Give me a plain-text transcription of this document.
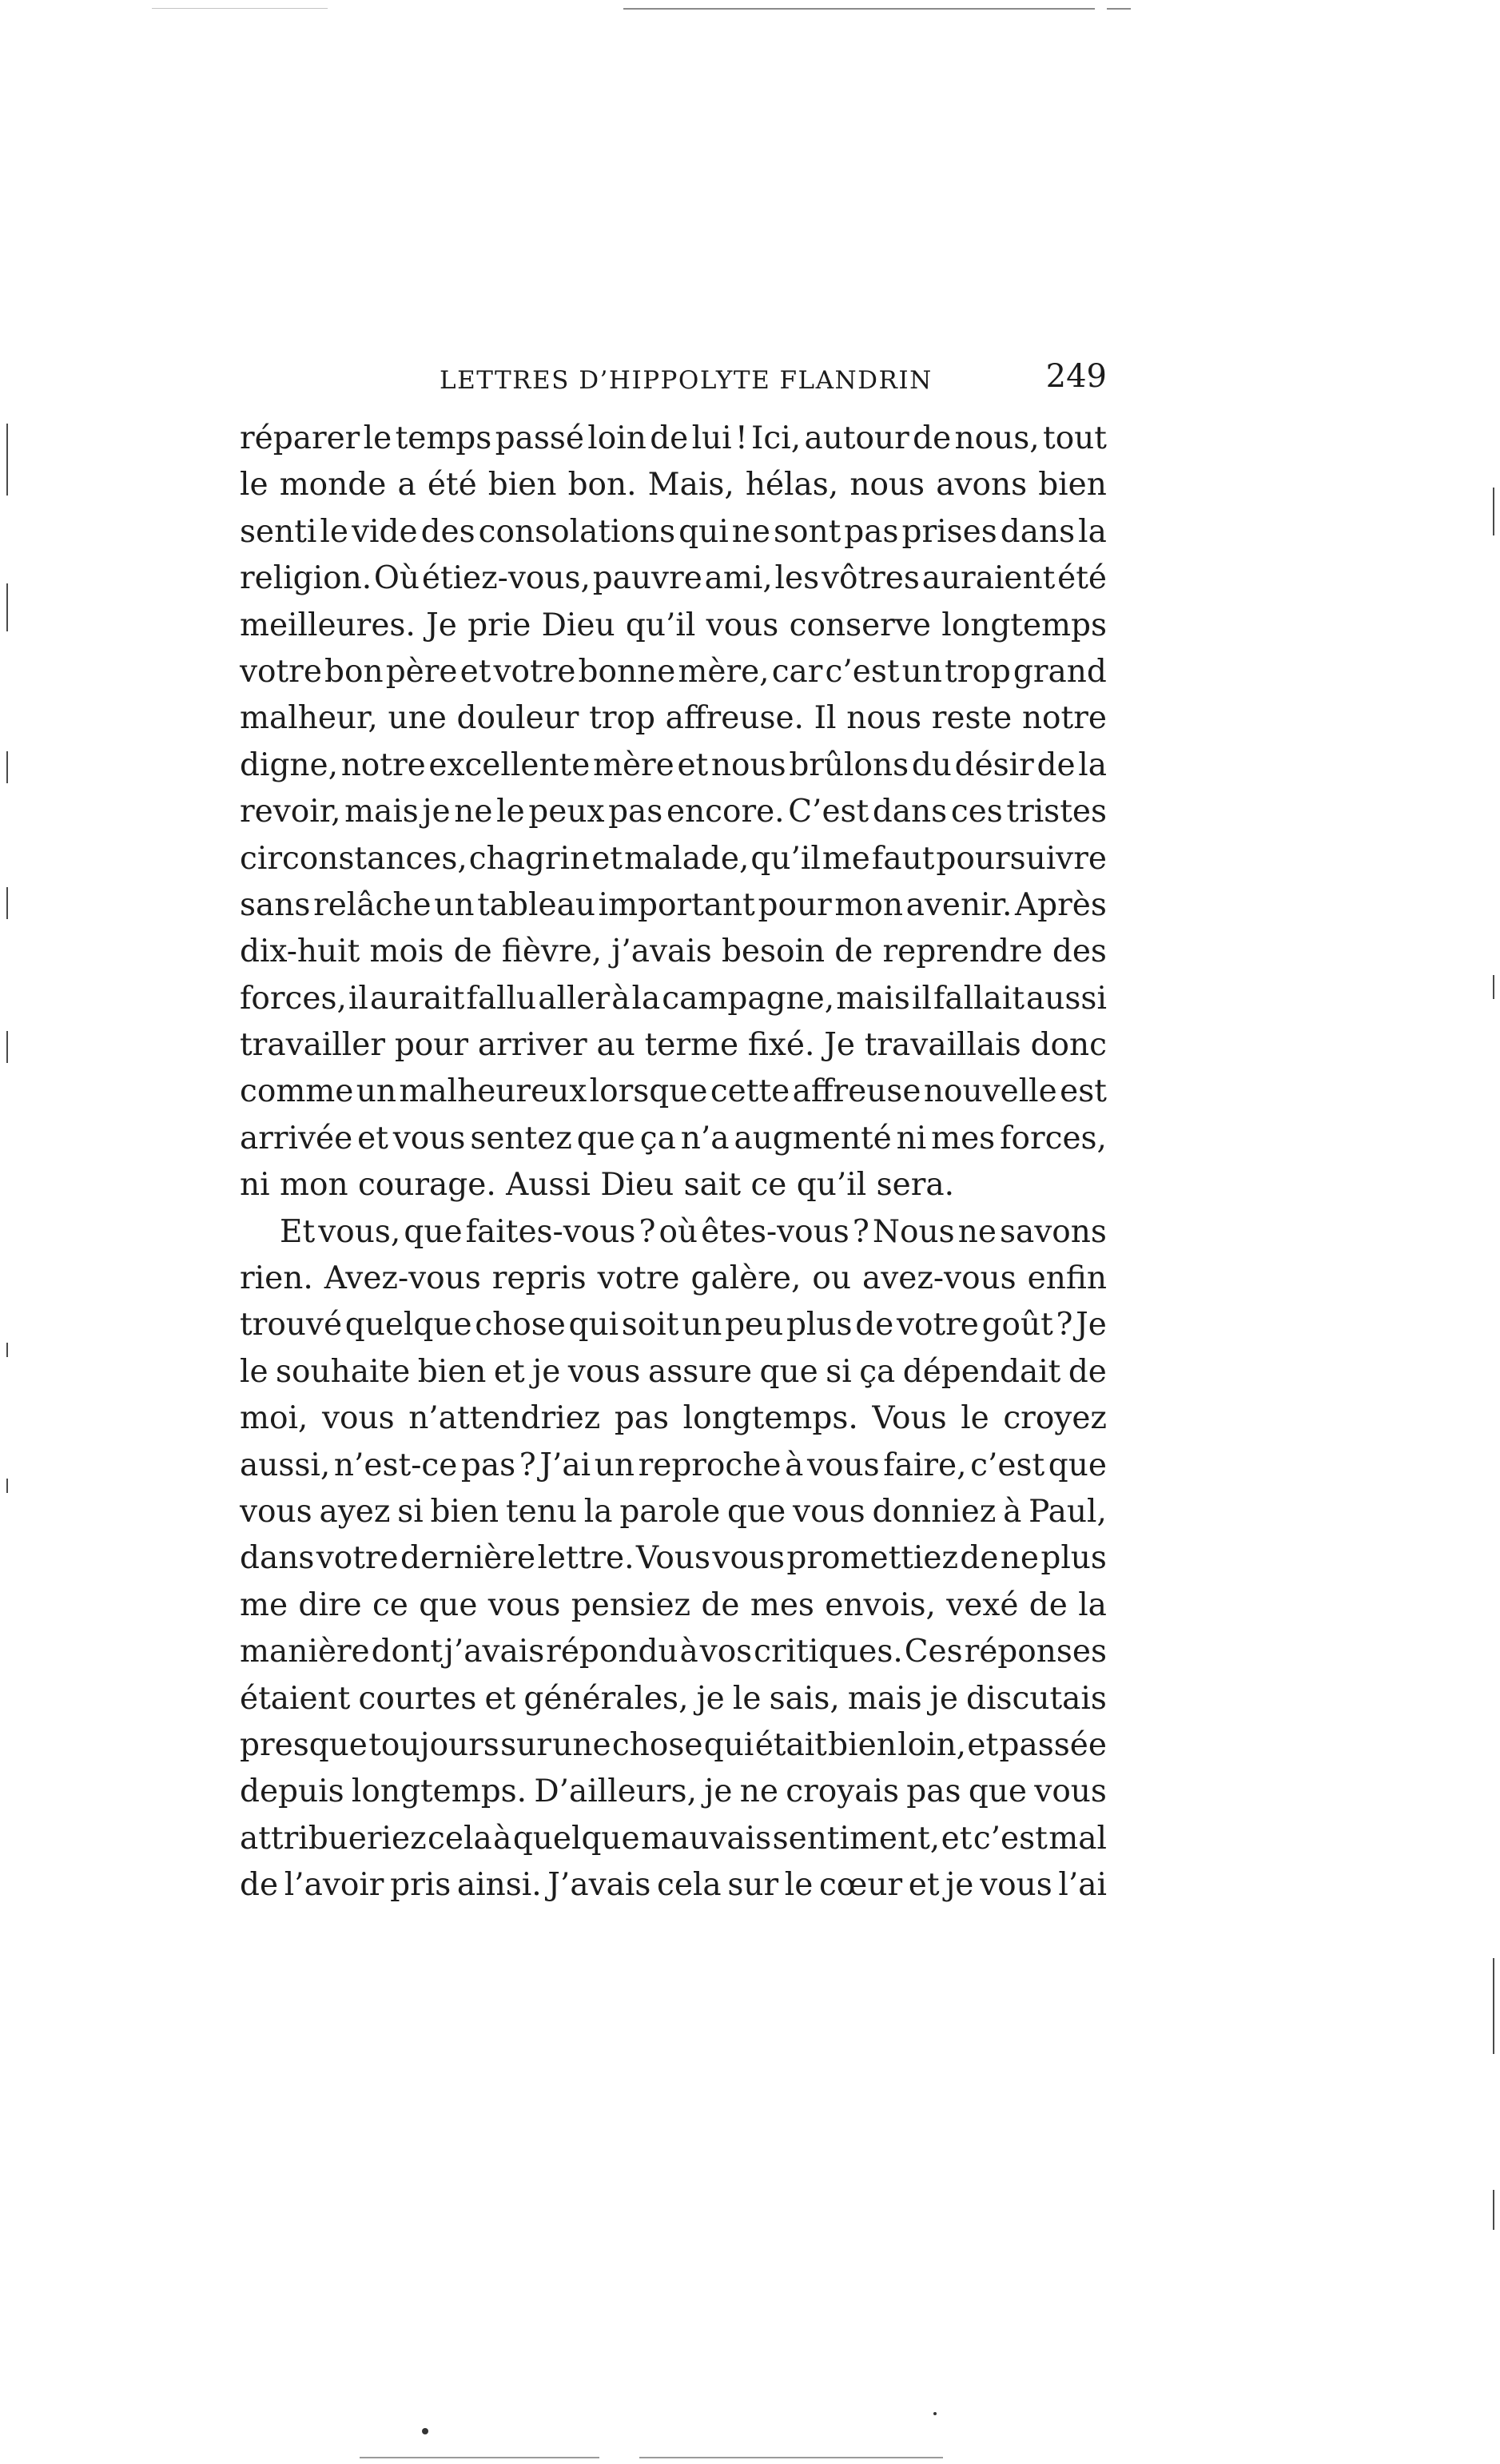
LETTRES D’HIPPOLYTE FLANDRIN	249
réparer le temps passé loin de lui ! Ici, autour de nous, tout
le monde a été bien bon. Mais, hélas, nous avons bien
senti le vide des consolations qui ne sont pas prises dans la
religion. Où étiez-vous, pauvre ami, les vôtres auraient été
meilleures. Je prie Dieu qu’il vous conserve longtemps
votre bon père et votre bonne mère, car c’est un trop grand
malheur, une douleur trop affreuse. Il nous reste notre
digne, notre excellente mère et nous brûlons du désir de la
revoir, mais je ne le peux pas encore. C’est dans ces tristes
circonstances, chagrin et malade, qu’il me faut poursuivre
sans relâche un tableau important pour mon avenir. Après
dix-huit mois de fièvre, j’avais besoin de reprendre des
forces, il aurait fallu aller à la campagne, mais il fallait aussi
travailler pour arriver au terme fixé. Je travaillais donc
comme un malheureux lorsque cette affreuse nouvelle est
arrivée et vous sentez que ça n’a augmenté ni mes forces,
ni mon courage. Aussi Dieu sait ce qu’il sera.
Et vous, que faites-vous ? où êtes-vous ? Nous ne savons
rien. Avez-vous repris votre galère, ou avez-vous enfin
trouvé quelque chose qui soit un peu plus de votre goût ? Je
le souhaite bien et je vous assure que si ça dépendait de
moi, vous n’attendriez pas longtemps. Vous le croyez
aussi, n’est-ce pas ? J’ai un reproche à vous faire, c’est que
vous ayez si bien tenu la parole que vous donniez à Paul,
dans votre dernière lettre. Vous vous promettiez de ne plus
me dire ce que vous pensiez de mes envois, vexé de la
manière dont j’avais répondu à vos critiques. Ces réponses
étaient courtes et générales, je le sais, mais je discutais
presque toujours sur une chose qui était bien loin, et passée
depuis longtemps. D’ailleurs, je ne croyais pas que vous
attribueriez cela à quelque mauvais sentiment, et c’est mal
de l’avoir pris ainsi. J’avais cela sur le cœur et je vous l’ai
